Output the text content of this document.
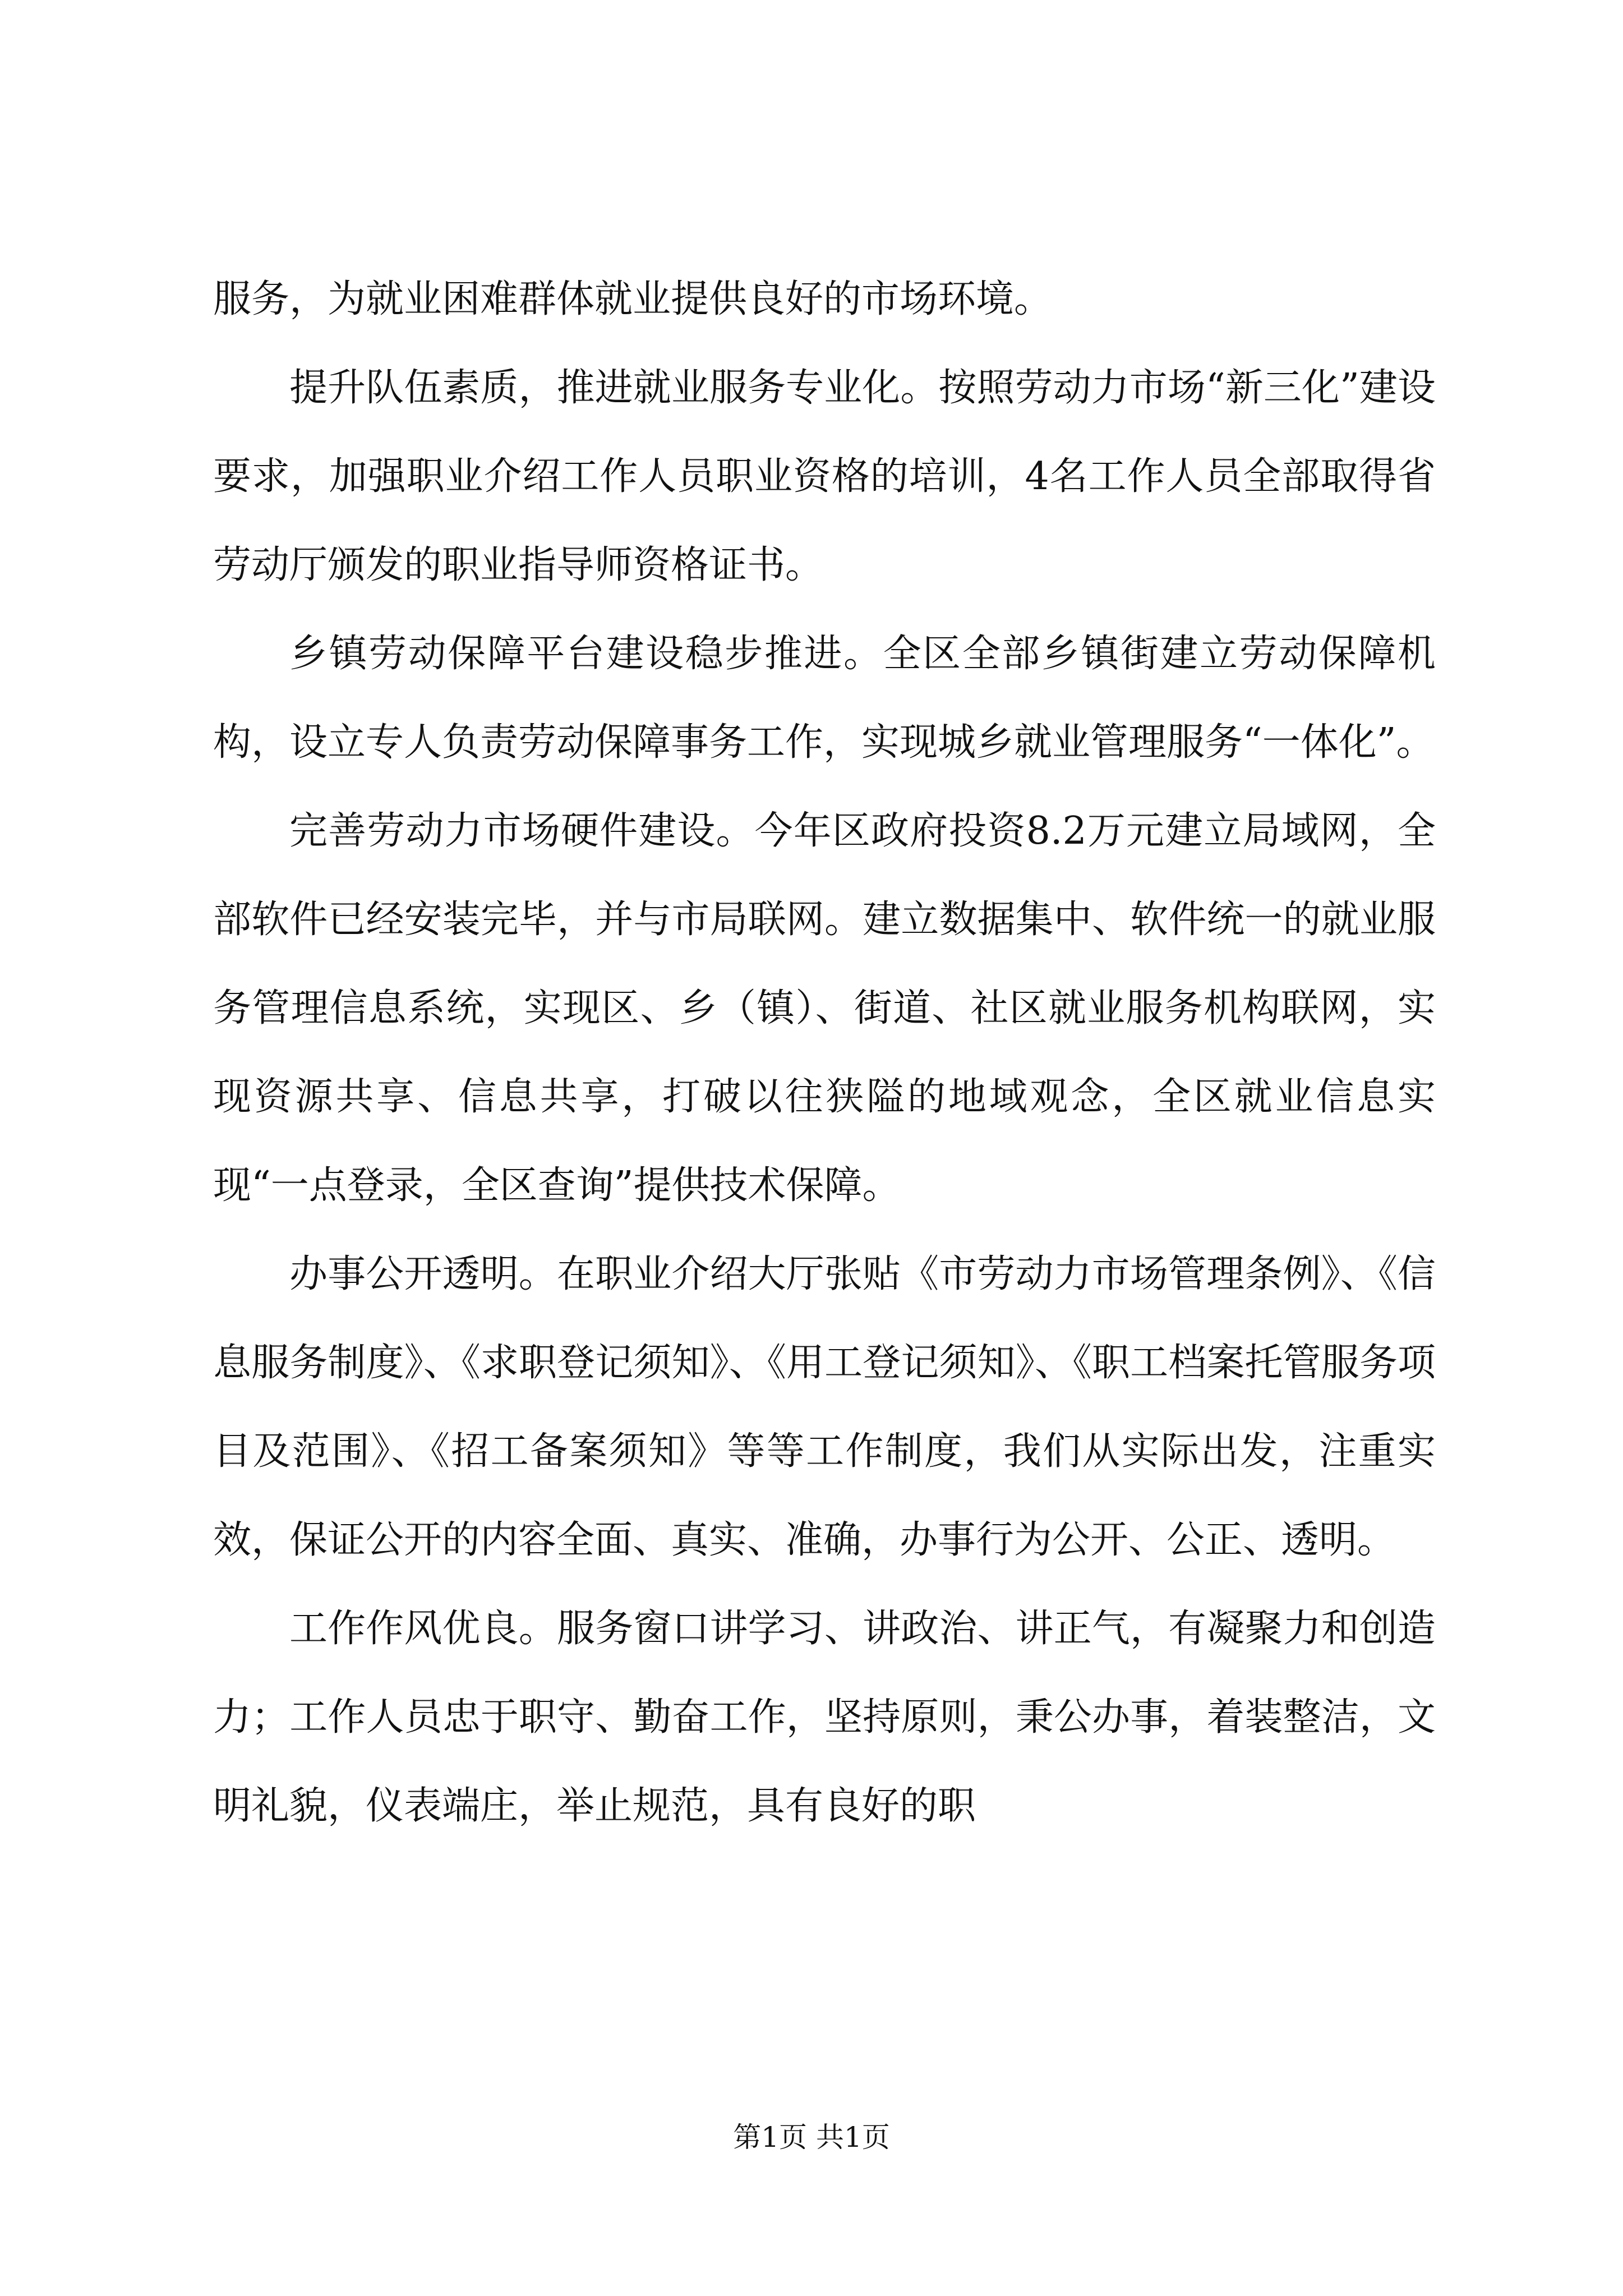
服务，为就业困难群体就业提供良好的市场环境。

提升队伍素质，推进就业服务专业化。按照劳动力市场“新三化”建设要求，加强职业介绍工作人员职业资格的培训，4名工作人员全部取得省劳动厅颁发的职业指导师资格证书。

乡镇劳动保障平台建设稳步推进。全区全部乡镇街建立劳动保障机构，设立专人负责劳动保障事务工作，实现城乡就业管理服务“一体化”。

完善劳动力市场硬件建设。今年区政府投资8.2万元建立局域网，全部软件已经安装完毕，并与市局联网。建立数据集中、软件统一的就业服务管理信息系统，实现区、乡（镇）、街道、社区就业服务机构联网，实现资源共享、信息共享，打破以往狭隘的地域观念，全区就业信息实现“一点登录，全区查询”提供技术保障。

办事公开透明。在职业介绍大厅张贴《市劳动力市场管理条例》、《信息服务制度》、《求职登记须知》、《用工登记须知》、《职工档案托管服务项目及范围》、《招工备案须知》等等工作制度，我们从实际出发，注重实效，保证公开的内容全面、真实、准确，办事行为公开、公正、透明。

工作作风优良。服务窗口讲学习、讲政治、讲正气，有凝聚力和创造力；工作人员忠于职守、勤奋工作，坚持原则，秉公办事，着装整洁，文明礼貌，仪表端庄，举止规范，具有良好的职

第1页 共1页
